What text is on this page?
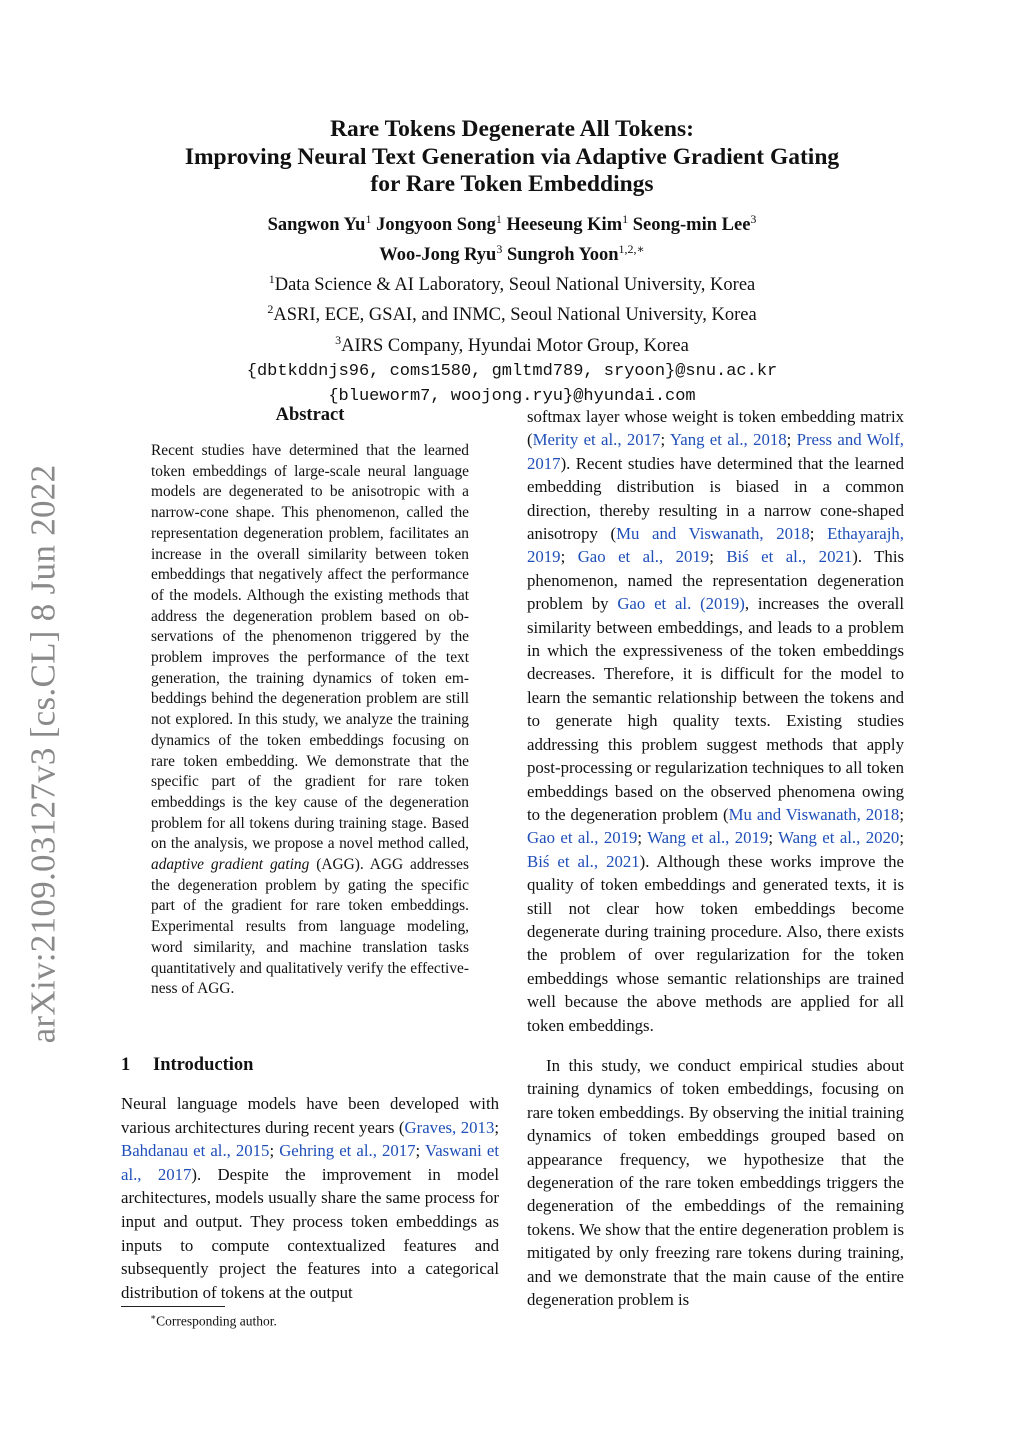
arXiv:2109.03127v3 [cs.CL] 8 Jun 2022
Rare Tokens Degenerate All Tokens:
Improving Neural Text Generation via Adaptive Gradient Gating
for Rare Token Embeddings
Sangwon Yu$^1$ Jongyoon Song$^1$ Heeseung Kim$^1$ Seong-min Lee$^3$
Woo-Jong Ryu$^3$ Sungroh Yoon$^{1,2,∗}$
$^1$Data Science & AI Laboratory, Seoul National University, Korea
$^2$ASRI, ECE, GSAI, and INMC, Seoul National University, Korea
$^3$AIRS Company, Hyundai Motor Group, Korea
{dbtkddnjs96, coms1580, gmltmd789, sryoon}@snu.ac.kr
{blueworm7, woojong.ryu}@hyundai.com
Abstract
Recent studies have determined that the learned token embeddings of large-scale neural language models are degenerated to be anisotropic with a narrow-cone shape. This phenomenon, called the representation degeneration problem, facilitates an increase in the overall similarity between token embeddings that negatively affect the performance of the models. Although the existing methods that address the degeneration problem based on observations of the phenomenon triggered by the problem improves the performance of the text generation, the training dynamics of token embeddings behind the degeneration problem are still not explored. In this study, we analyze the training dynamics of the token embeddings focusing on rare token embedding. We demonstrate that the specific part of the gradient for rare token embeddings is the key cause of the degeneration problem for all tokens during training stage. Based on the analysis, we propose a novel method called, adaptive gradient gating (AGG). AGG addresses the degeneration problem by gating the specific part of the gradient for rare token embeddings. Experimental results from language modeling, word similarity, and machine translation tasks quantitatively and qualitatively verify the effectiveness of AGG.
1 Introduction
Neural language models have been developed with various architectures during recent years (Graves, 2013; Bahdanau et al., 2015; Gehring et al., 2017; Vaswani et al., 2017). Despite the improvement in model architectures, models usually share the same process for input and output. They process token embeddings as inputs to compute contextualized features and subsequently project the features into a categorical distribution of tokens at the output
∗Corresponding author.

softmax layer whose weight is token embedding matrix (Merity et al., 2017; Yang et al., 2018; Press and Wolf, 2017). Recent studies have determined that the learned embedding distribution is biased in a common direction, thereby resulting in a narrow cone-shaped anisotropy (Mu and Viswanath, 2018; Ethayarajh, 2019; Gao et al., 2019; Biś et al., 2021). This phenomenon, named the representation degeneration problem by Gao et al. (2019), increases the overall similarity between embeddings, and leads to a problem in which the expressiveness of the token embeddings decreases. Therefore, it is difficult for the model to learn the semantic relationship between the tokens and to generate high quality texts. Existing studies addressing this problem suggest methods that apply post-processing or regularization techniques to all token embeddings based on the observed phenomena owing to the degeneration problem (Mu and Viswanath, 2018; Gao et al., 2019; Wang et al., 2019; Wang et al., 2020; Biś et al., 2021). Although these works improve the quality of token embeddings and generated texts, it is still not clear how token embeddings become degenerate during training procedure. Also, there exists the problem of over regularization for the token embeddings whose semantic relationships are trained well because the above methods are applied for all token embeddings.

In this study, we conduct empirical studies about training dynamics of token embeddings, focusing on rare token embeddings. By observing the initial training dynamics of token embeddings grouped based on appearance frequency, we hypothesize that the degeneration of the rare token embeddings triggers the degeneration of the embeddings of the remaining tokens. We show that the entire degeneration problem is mitigated by only freezing rare tokens during training, and we demonstrate that the main cause of the entire degeneration problem is
